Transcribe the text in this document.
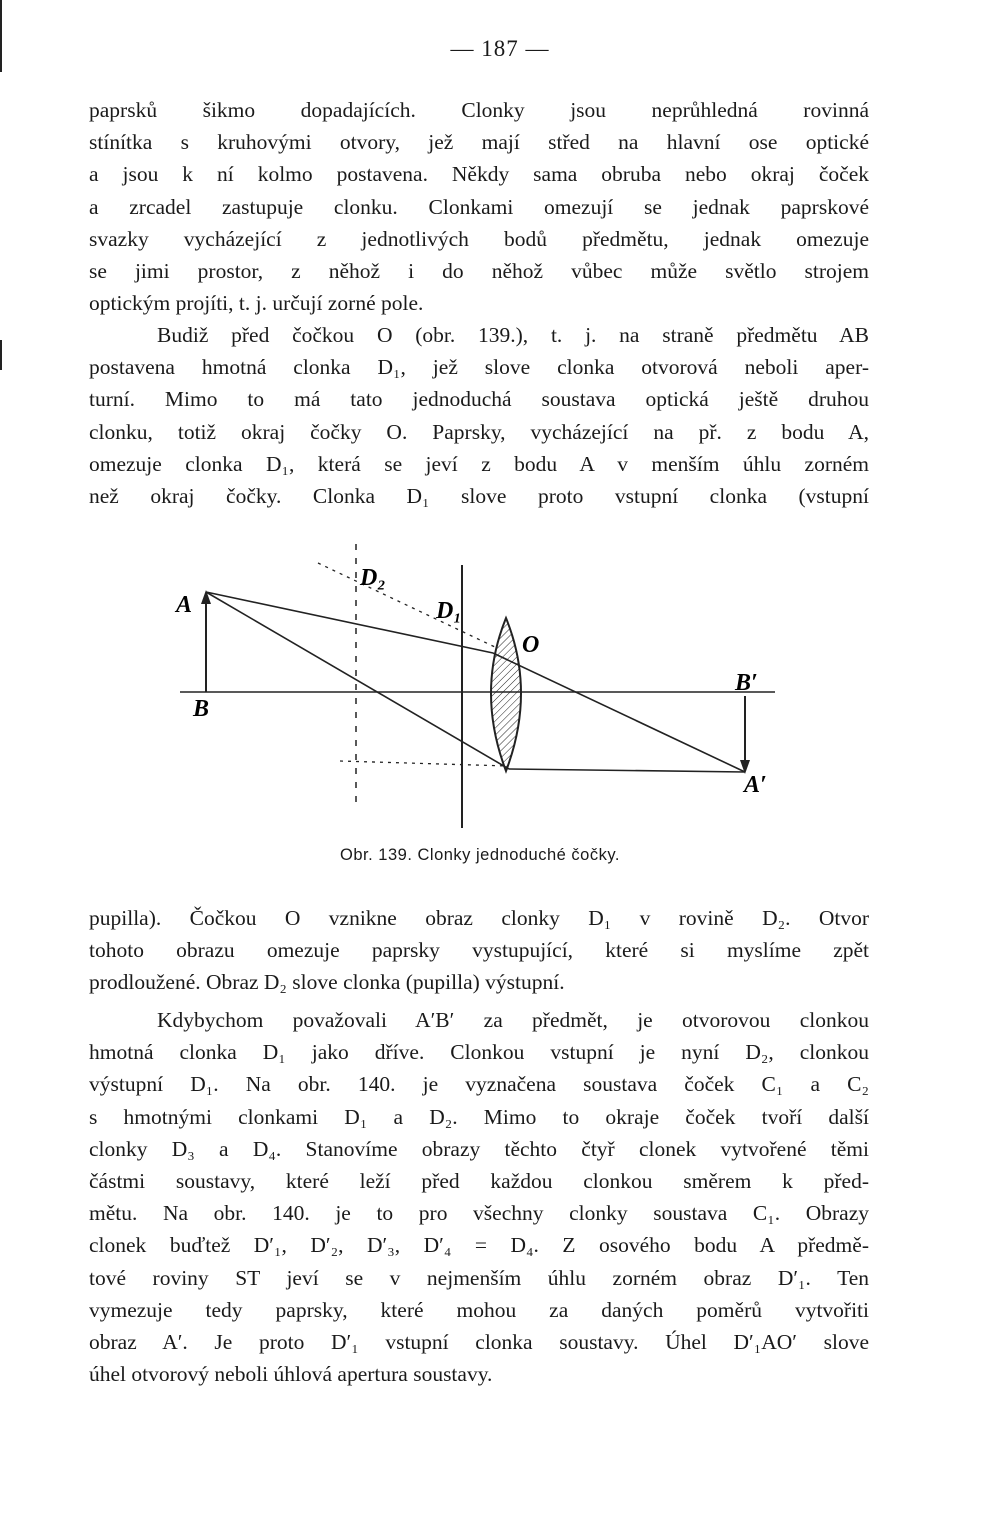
— 187 —

paprsků šikmo dopadajících. Clonky jsou neprůhledná rovinná

stínítka s kruhovými otvory, jež mají střed na hlavní ose optické

a jsou k ní kolmo postavena. Někdy sama obruba nebo okraj čoček

a zrcadel zastupuje clonku. Clonkami omezují se jednak paprskové

svazky vycházející z jednotlivých bodů předmětu, jednak omezuje

se jimi prostor, z něhož i do něhož vůbec může světlo strojem

optickým projíti, t. j. určují zorné pole.

Budiž před čočkou O (obr. 139.), t. j. na straně předmětu AB

postavena hmotná clonka D₁, jež slove clonka otvorová neboli aper-

turní. Mimo to má tato jednoduchá soustava optická ještě druhou

clonku, totiž okraj čočky O. Paprsky, vycházející na př. z bodu A,

omezuje clonka D₁, která se jeví z bodu A v menším úhlu zorném

než okraj čočky. Clonka D₁ slove proto vstupní clonka (vstupní

A
B
D₂
D₁
O
B′
A′
Obr. 139. Clonky jednoduché čočky.

pupilla). Čočkou O vznikne obraz clonky D₁ v rovině D₂. Otvor

tohoto obrazu omezuje paprsky vystupující, které si myslíme zpět

prodloužené. Obraz D₂ slove clonka (pupilla) výstupní.

Kdybychom považovali A′B′ za předmět, je otvorovou clonkou

hmotná clonka D₁ jako dříve. Clonkou vstupní je nyní D₂, clonkou

výstupní D₁. Na obr. 140. je vyznačena soustava čoček C₁ a C₂

s hmotnými clonkami D₁ a D₂. Mimo to okraje čoček tvoří další

clonky D₃ a D₄. Stanovíme obrazy těchto čtyř clonek vytvořené těmi

částmi soustavy, které leží před každou clonkou směrem k před-

mětu. Na obr. 140. je to pro všechny clonky soustava C₁. Obrazy

clonek buďtež D′₁, D′₂, D′₃, D′₄ = D₄. Z osového bodu A předmě-

tové roviny ST jeví se v nejmenším úhlu zorném obraz D′₁. Ten

vymezuje tedy paprsky, které mohou za daných poměrů vytvořiti

obraz A′. Je proto D′₁ vstupní clonka soustavy. Úhel D′₁AO′ slove

úhel otvorový neboli úhlová apertura soustavy.
